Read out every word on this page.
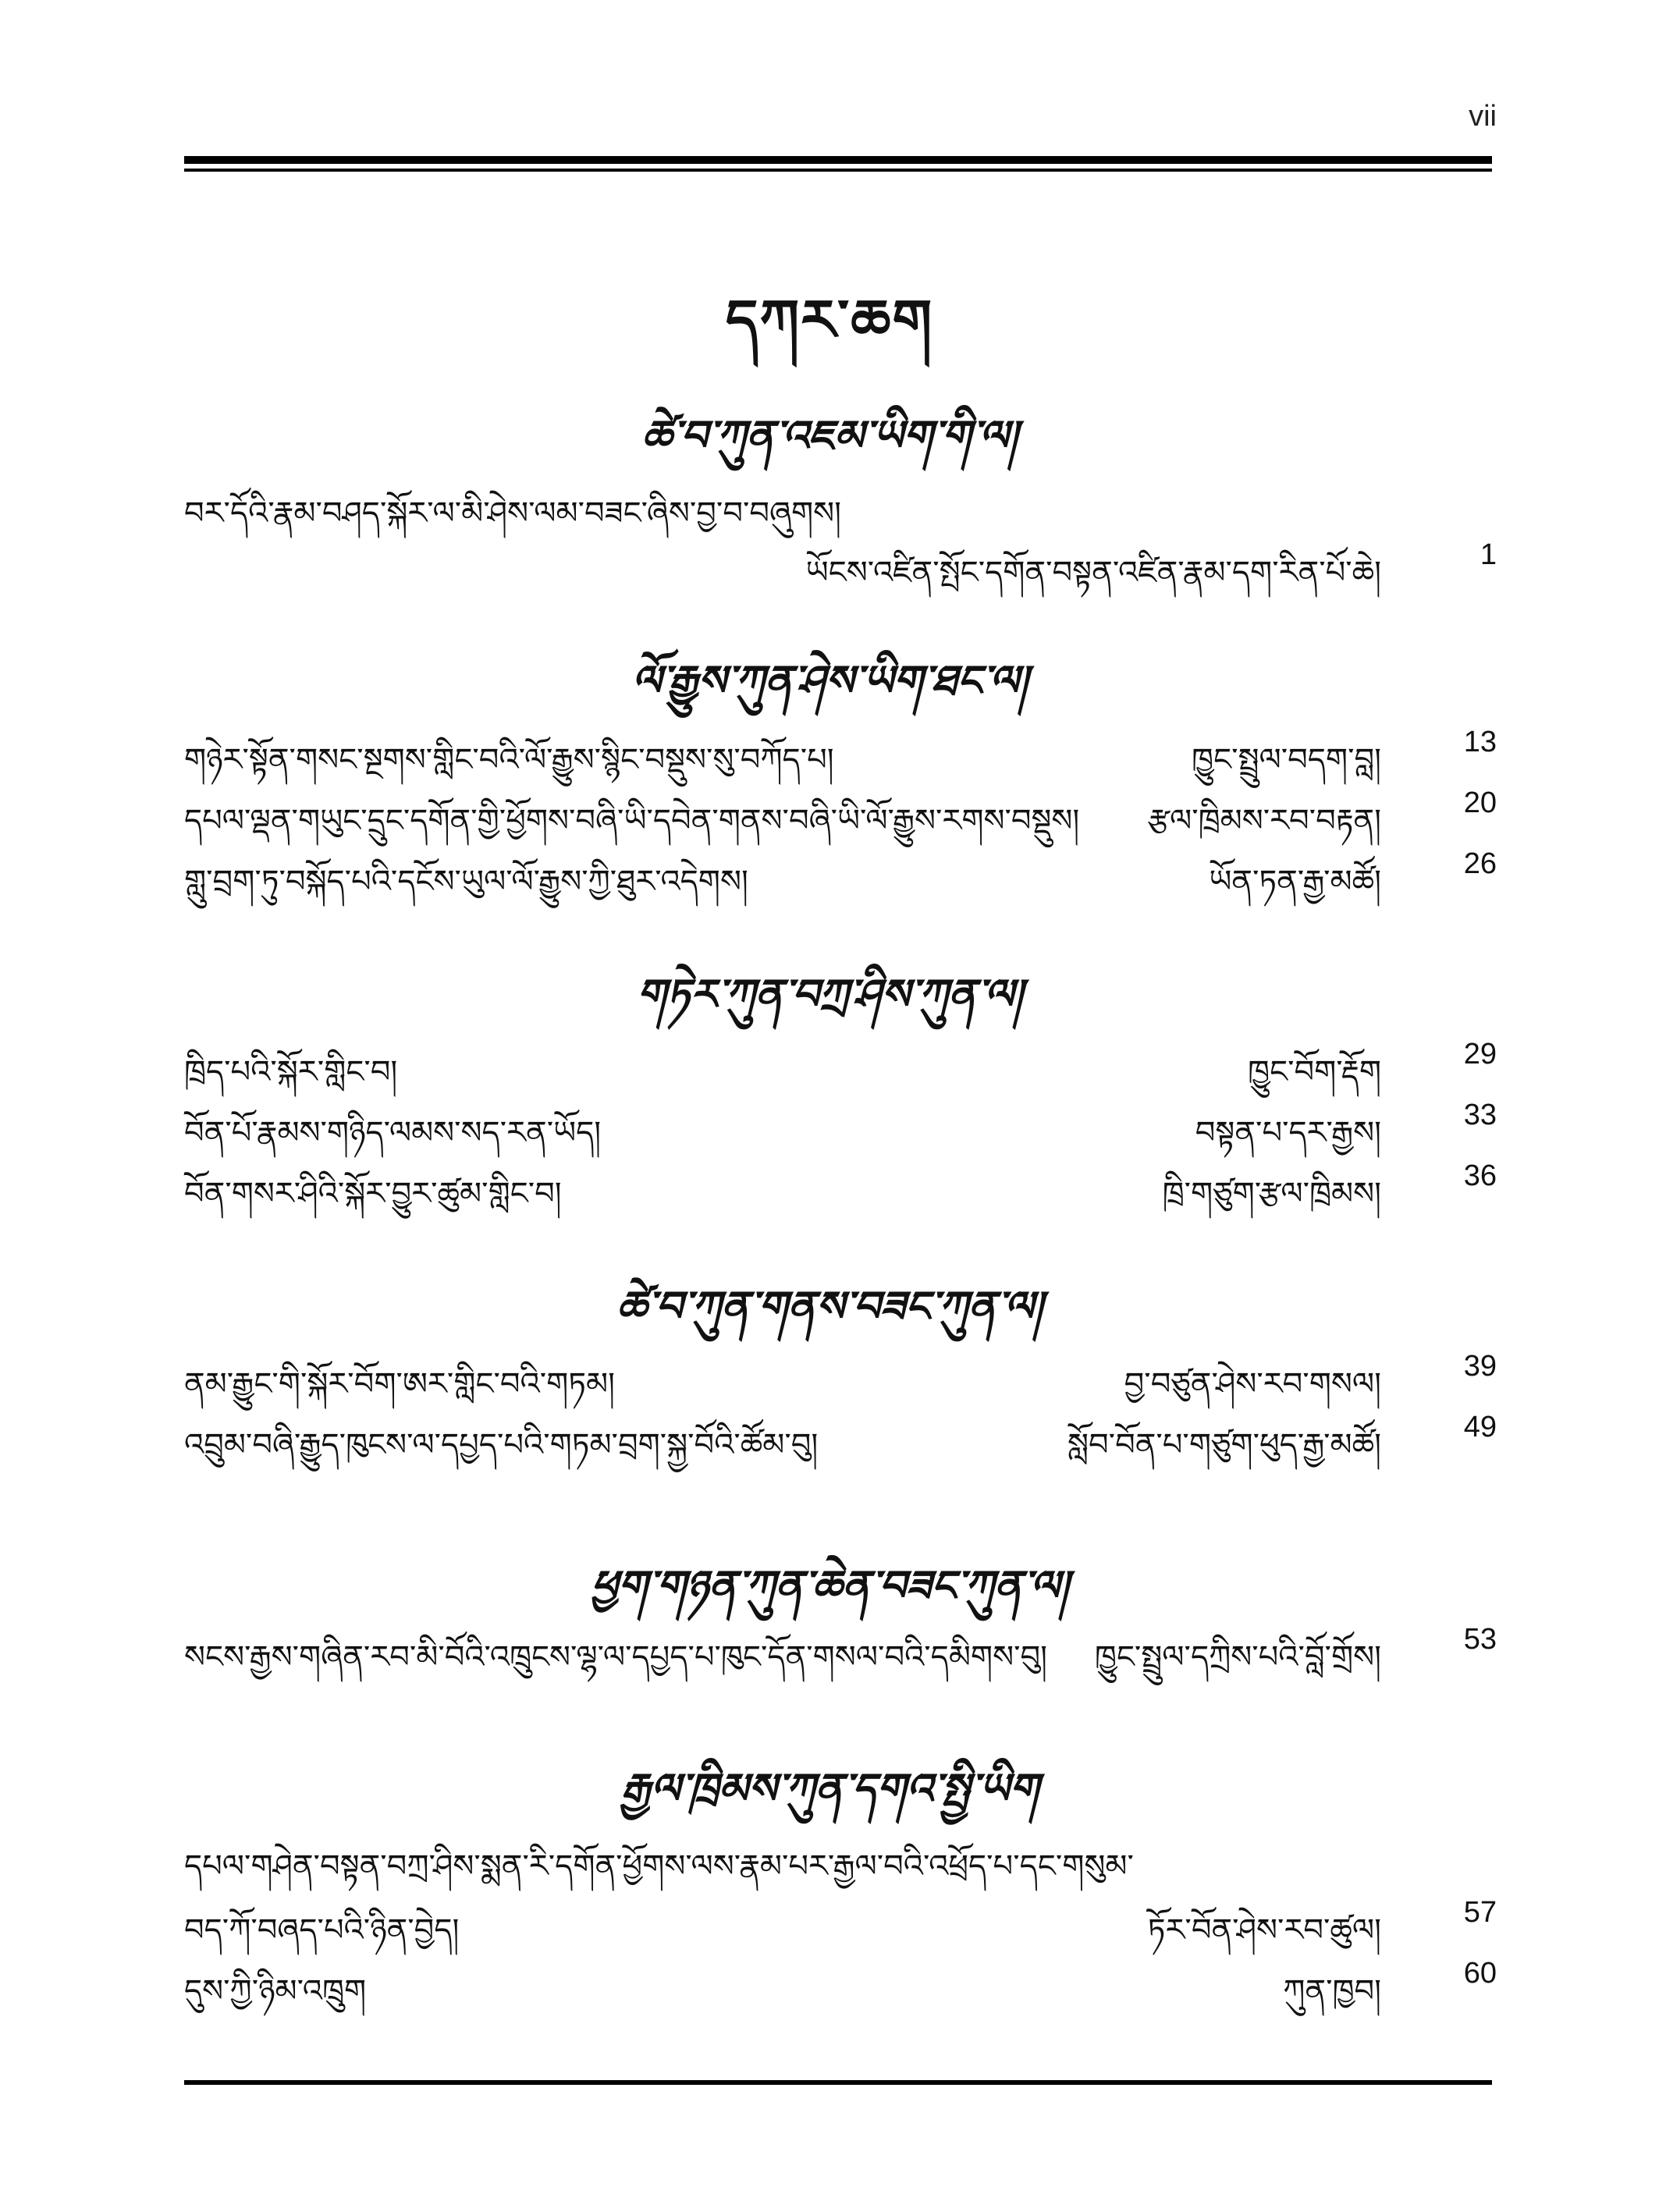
vii
དཀར་ཆག
ཚེ་བ་ཀུན་འཇམ་ཡིག་གི་ལ།
བར་དོའི་རྣམ་བཤད་སྐོར་ལ་མི་ཤེས་ལམ་བཟང་ཞིས་བྱ་བ་བཞུགས།
ཡོངས་འཛིན་སྤོང་དགོན་བསྟན་འཛིན་རྣམ་དག་རིན་པོ་ཆེ།	1
ལོ་རྒྱུས་ཀུན་ཤེས་ཡིག་ཐང་ལ།
གཉེར་སྟོན་གསང་སྔགས་གླིང་བའི་ལོ་རྒྱུས་སྙིང་བསྡུས་སུ་བཀོད་པ།	ཁྱུང་སྤྲུལ་བདག་བླ།	13
དཔལ་ལྡན་གཡུང་དྲུང་དགོན་གྱི་ཕྱོགས་བཞི་ཡི་དབེན་གནས་བཞི་ཡི་ལོ་རྒྱུས་རགས་བསྡུས། རྩལ་ཁྲིམས་རབ་བརྟན།	20
གླུ་བྲག་ཏུ་བསྐོད་པའི་དངོས་ཡུལ་ལོ་རྒྱུས་ཀྱི་ཐུར་འདེགས།	ཡོན་ཏན་རྒྱ་མཚོ།	26
གཏེར་ཀུན་བཀྲ་ཤིས་ཀུན་ལ།
ཁྲིད་པའི་སྐོར་གླིང་བ།	ཁྱུང་བོག་རྡོག	29
བོན་པོ་རྣམས་གཉིད་ལམས་སད་རན་ཡོད།	བསྟན་པ་དར་རྒྱས།	33
བོན་གསར་ཤིའི་སྐོར་བྱུར་ཚུམ་གླིང་བ།	ཁྲི་གཙུག་རྩལ་ཁྲིམས།	36
ཚེ་བ་ཀུན་གནས་བཟང་ཀུན་ལ།
ནམ་རྒྱུང་གི་སྐོར་བོག་ཨར་གླིང་བའི་གཏམ།	བྱ་བཙུན་ཤེས་རབ་གསལ།	39
འབྲུམ་བཞི་རྒྱུད་ཁུངས་ལ་དཔྱད་པའི་གཏམ་བྲག་སྐྱ་བོའི་ཚོམ་བུ།	སློབ་བོན་པ་གཙུག་ཕུད་རྒྱ་མཚོ།	49
ཕྱག་གཉན་ཀུན་ཆེན་བཟང་ཀུན་ལ།
སངས་རྒྱས་གཞིན་རབ་མི་བོའི་འཁྲུངས་ལྷ་ལ་དཔྱད་པ་ཁུང་དོན་གསལ་བའི་དམིགས་བུ། ཁྱུང་སྤྲུལ་དཀྲིས་པའི་བློ་གྲོས།	53
རྒྱལ་ཁྲིམས་ཀུན་དགའ་སྤྱི་ཡིག
དཔལ་གཤེན་བསྟན་བཀྲ་ཤིས་སྨན་རི་དགོན་ཕྱོགས་ལས་རྣམ་པར་རྒྱལ་བའི་འཕྲོད་པ་དང་གསུམ་
བད་ཀོ་བཞད་པའི་ཉིན་བྱེད།	ཏོར་བོན་ཤེས་རབ་ཚུལ།	57
དུས་ཀྱི་ཉིམ་འཁྲུག	ཀུན་ཁྱབ།	60
